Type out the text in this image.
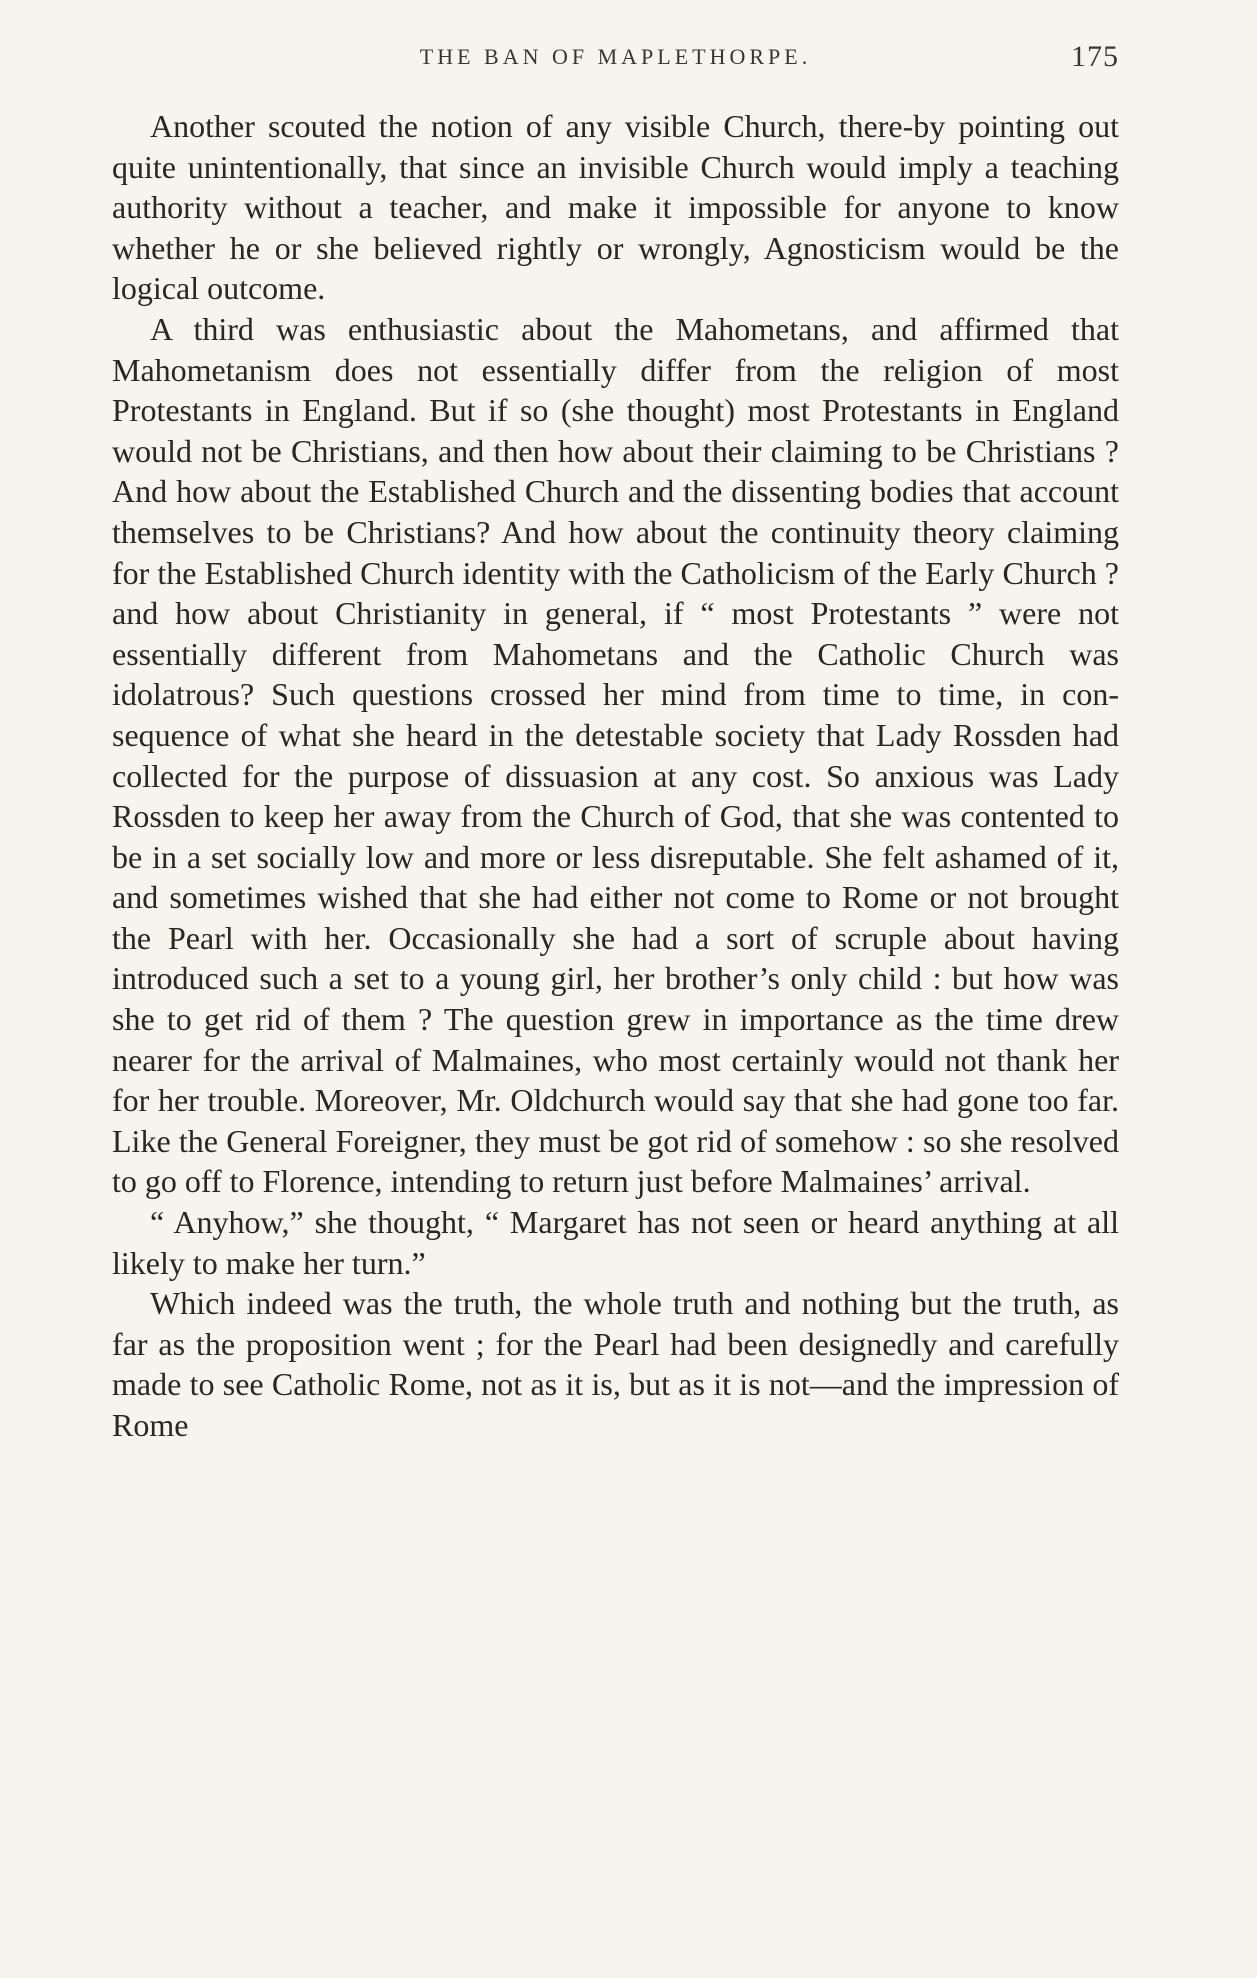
THE BAN OF MAPLETHORPE.	175

Another scouted the notion of any visible Church, there-by pointing out quite unintentionally, that since an invisible Church would imply a teaching authority without a teacher, and make it impossible for anyone to know whether he or she believed rightly or wrongly, Agnosticism would be the logical outcome.

A third was enthusiastic about the Mahometans, and affirmed that Mahometanism does not essentially differ from the religion of most Protestants in England. But if so (she thought) most Protestants in England would not be Christians, and then how about their claiming to be Christians ? And how about the Established Church and the dissenting bodies that account themselves to be Christians? And how about the continuity theory claiming for the Established Church identity with the Catholicism of the Early Church ? and how about Christianity in general, if “ most Protestants ” were not essentially different from Mahometans and the Catholic Church was idolatrous? Such questions crossed her mind from time to time, in con-sequence of what she heard in the detestable society that Lady Rossden had collected for the purpose of dissuasion at any cost. So anxious was Lady Rossden to keep her away from the Church of God, that she was contented to be in a set socially low and more or less disreputable. She felt ashamed of it, and sometimes wished that she had either not come to Rome or not brought the Pearl with her. Occasionally she had a sort of scruple about having introduced such a set to a young girl, her brother’s only child : but how was she to get rid of them ? The question grew in importance as the time drew nearer for the arrival of Malmaines, who most certainly would not thank her for her trouble. Moreover, Mr. Oldchurch would say that she had gone too far. Like the General Foreigner, they must be got rid of somehow : so she resolved to go off to Florence, intending to return just before Malmaines’ arrival.

“ Anyhow,” she thought, “ Margaret has not seen or heard anything at all likely to make her turn.”

Which indeed was the truth, the whole truth and nothing but the truth, as far as the proposition went ; for the Pearl had been designedly and carefully made to see Catholic Rome, not as it is, but as it is not—and the impression of Rome
